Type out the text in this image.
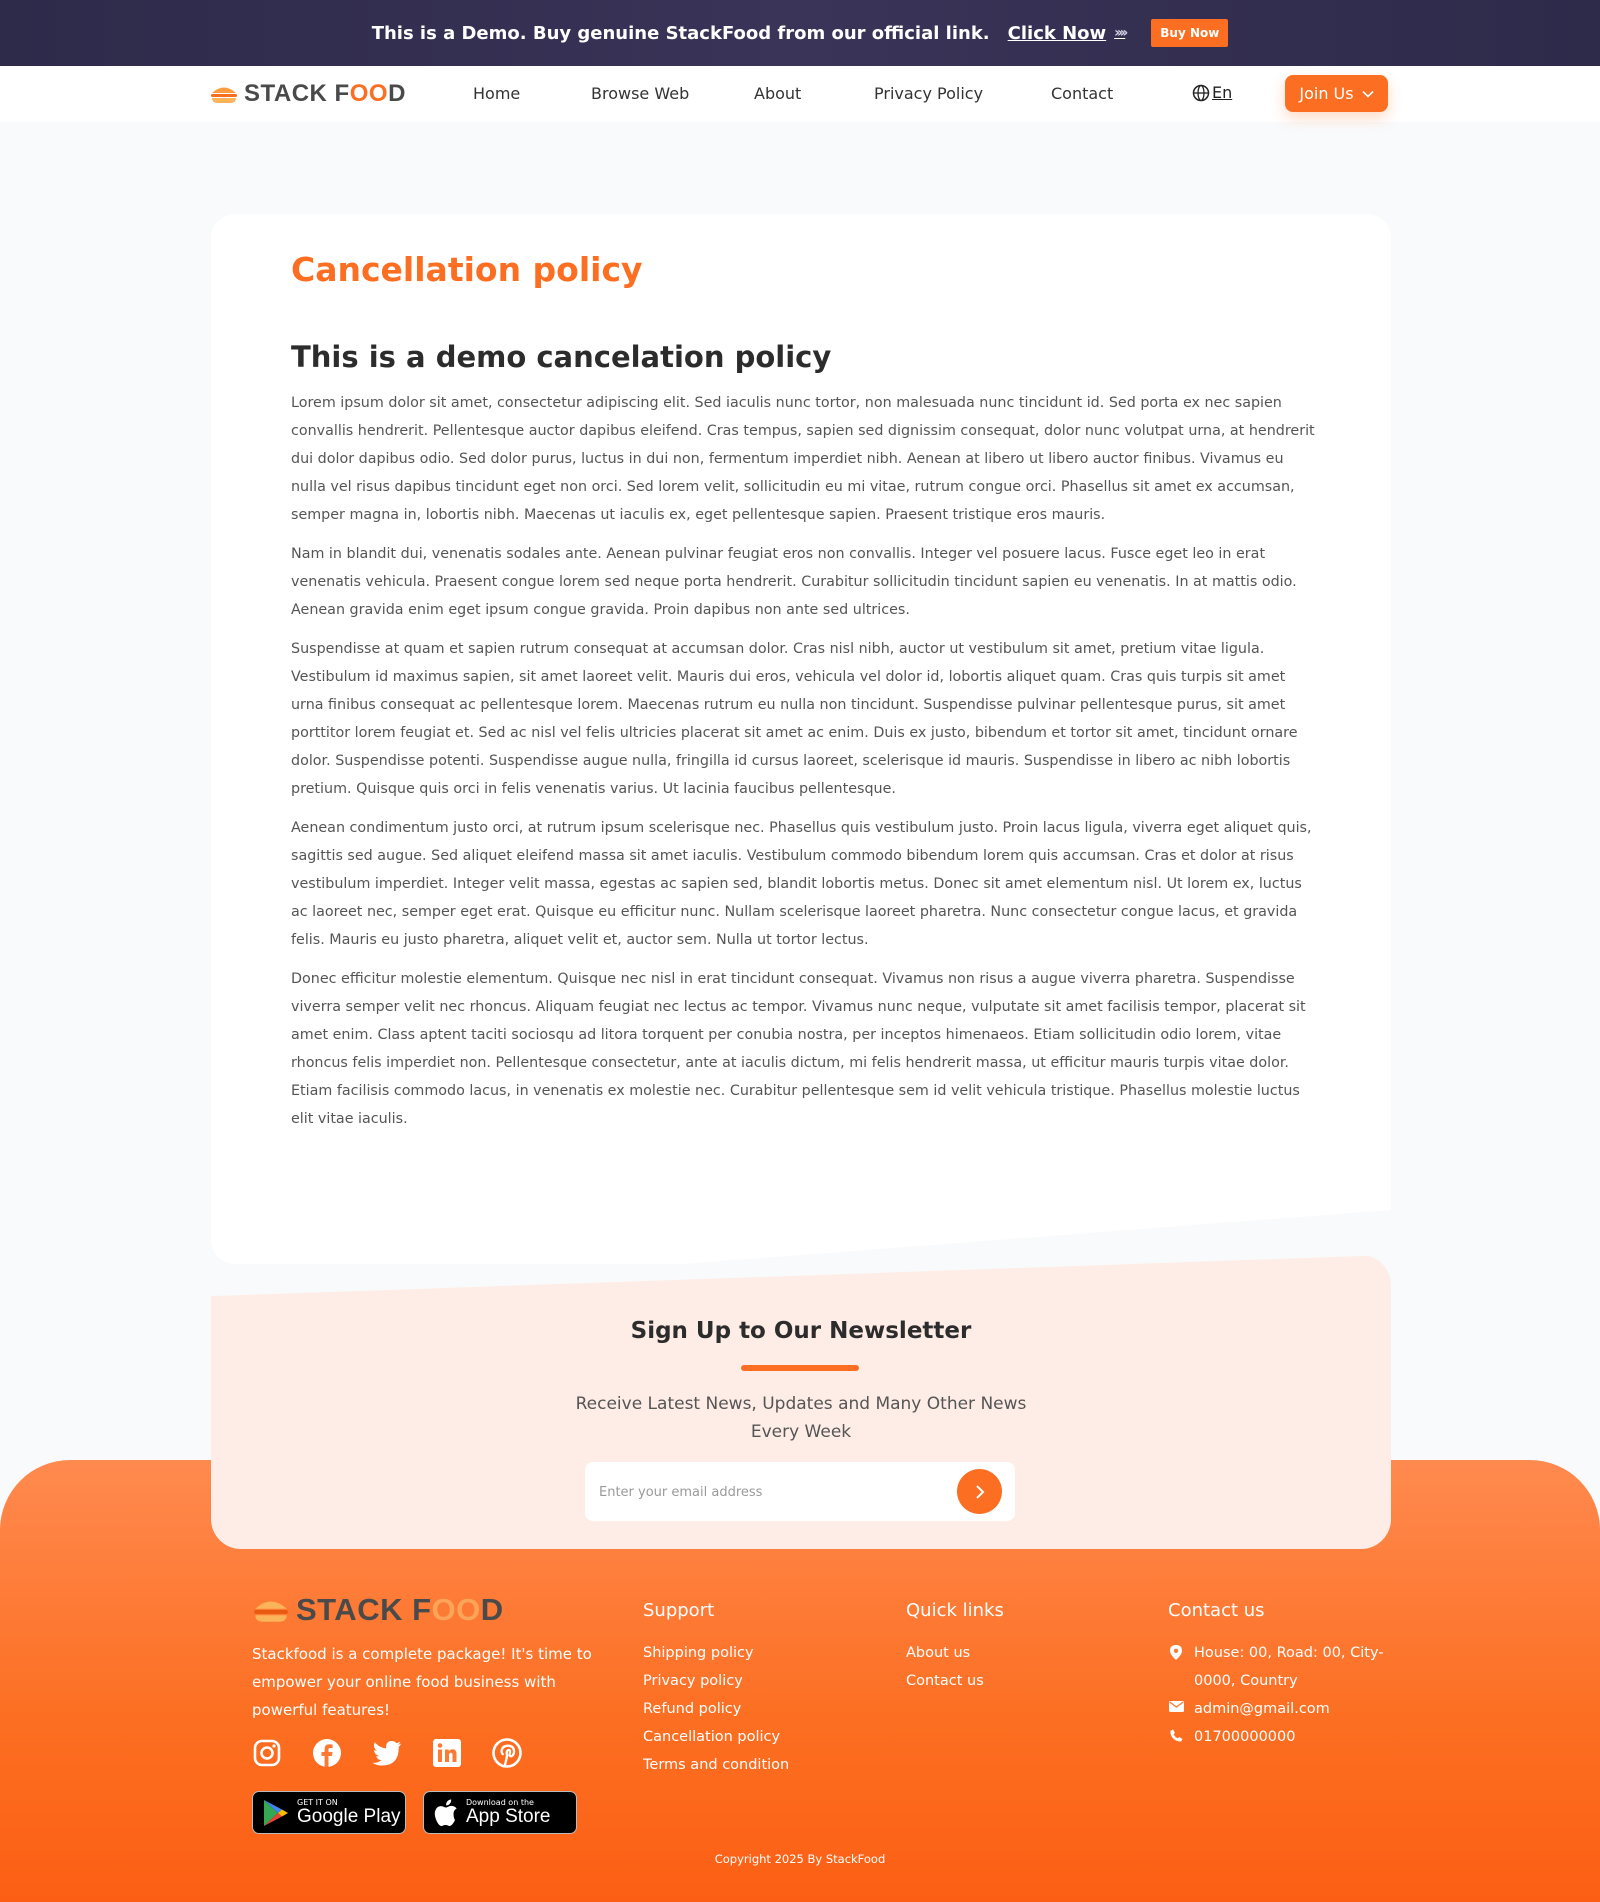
This is a Demo. Buy genuine StackFood from our official link. Click Now ››››	Buy Now
STACK FOOD	Home	Browse Web	About	Privacy Policy	Contact	En	Join Us
Cancellation policy
This is a demo cancelation policy

Lorem ipsum dolor sit amet, consectetur adipiscing elit. Sed iaculis nunc tortor, non malesuada nunc tincidunt id. Sed porta ex nec sapien convallis hendrerit. Pellentesque auctor dapibus eleifend. Cras tempus, sapien sed dignissim consequat, dolor nunc volutpat urna, at hendrerit dui dolor dapibus odio. Sed dolor purus, luctus in dui non, fermentum imperdiet nibh. Aenean at libero ut libero auctor finibus. Vivamus eu nulla vel risus dapibus tincidunt eget non orci. Sed lorem velit, sollicitudin eu mi vitae, rutrum congue orci. Phasellus sit amet ex accumsan, semper magna in, lobortis nibh. Maecenas ut iaculis ex, eget pellentesque sapien. Praesent tristique eros mauris.

Nam in blandit dui, venenatis sodales ante. Aenean pulvinar feugiat eros non convallis. Integer vel posuere lacus. Fusce eget leo in erat venenatis vehicula. Praesent congue lorem sed neque porta hendrerit. Curabitur sollicitudin tincidunt sapien eu venenatis. In at mattis odio. Aenean gravida enim eget ipsum congue gravida. Proin dapibus non ante sed ultrices.

Suspendisse at quam et sapien rutrum consequat at accumsan dolor. Cras nisl nibh, auctor ut vestibulum sit amet, pretium vitae ligula. Vestibulum id maximus sapien, sit amet laoreet velit. Mauris dui eros, vehicula vel dolor id, lobortis aliquet quam. Cras quis turpis sit amet urna finibus consequat ac pellentesque lorem. Maecenas rutrum eu nulla non tincidunt. Suspendisse pulvinar pellentesque purus, sit amet porttitor lorem feugiat et. Sed ac nisl vel felis ultricies placerat sit amet ac enim. Duis ex justo, bibendum et tortor sit amet, tincidunt ornare dolor. Suspendisse potenti. Suspendisse augue nulla, fringilla id cursus laoreet, scelerisque id mauris. Suspendisse in libero ac nibh lobortis pretium. Quisque quis orci in felis venenatis varius. Ut lacinia faucibus pellentesque.

Aenean condimentum justo orci, at rutrum ipsum scelerisque nec. Phasellus quis vestibulum justo. Proin lacus ligula, viverra eget aliquet quis, sagittis sed augue. Sed aliquet eleifend massa sit amet iaculis. Vestibulum commodo bibendum lorem quis accumsan. Cras et dolor at risus vestibulum imperdiet. Integer velit massa, egestas ac sapien sed, blandit lobortis metus. Donec sit amet elementum nisl. Ut lorem ex, luctus ac laoreet nec, semper eget erat. Quisque eu efficitur nunc. Nullam scelerisque laoreet pharetra. Nunc consectetur congue lacus, et gravida felis. Mauris eu justo pharetra, aliquet velit et, auctor sem. Nulla ut tortor lectus.

Donec efficitur molestie elementum. Quisque nec nisl in erat tincidunt consequat. Vivamus non risus a augue viverra pharetra. Suspendisse viverra semper velit nec rhoncus. Aliquam feugiat nec lectus ac tempor. Vivamus nunc neque, vulputate sit amet facilisis tempor, placerat sit amet enim. Class aptent taciti sociosqu ad litora torquent per conubia nostra, per inceptos himenaeos. Etiam sollicitudin odio lorem, vitae rhoncus felis imperdiet non. Pellentesque consectetur, ante at iaculis dictum, mi felis hendrerit massa, ut efficitur mauris turpis vitae dolor. Etiam facilisis commodo lacus, in venenatis ex molestie nec. Curabitur pellentesque sem id velit vehicula tristique. Phasellus molestie luctus elit vitae iaculis.

Sign Up to Our Newsletter

Receive Latest News, Updates and Many Other News Every Week

Enter your email address
STACK FOOD

Stackfood is a complete package! It's time to empower your online food business with powerful features!

GET IT ON
Google Play
Download on the
App Store
Support
Shipping policy
Privacy policy
Refund policy
Cancellation policy
Terms and condition
Quick links
About us
Contact us
Contact us
House: 00, Road: 00, City-0000, Country
admin@gmail.com
01700000000
Copyright 2025 By StackFood
